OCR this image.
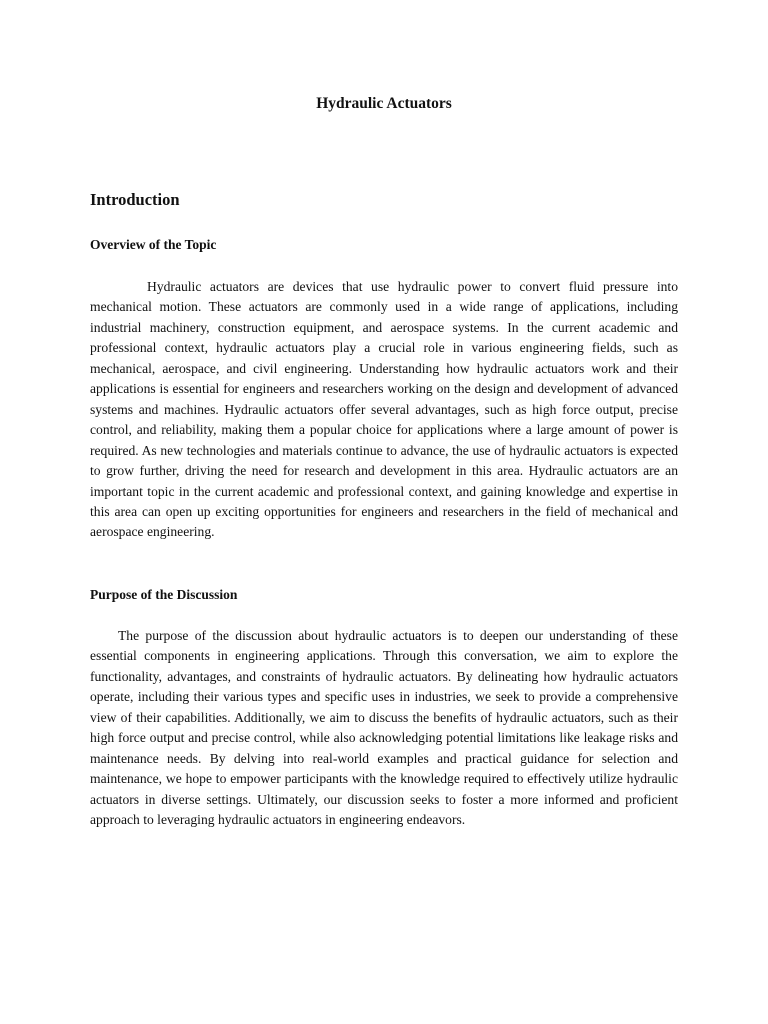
Hydraulic Actuators
Introduction
Overview of the Topic

Hydraulic actuators are devices that use hydraulic power to convert fluid pressure into mechanical motion. These actuators are commonly used in a wide range of applications, including industrial machinery, construction equipment, and aerospace systems. In the current academic and professional context, hydraulic actuators play a crucial role in various engineering fields, such as mechanical, aerospace, and civil engineering. Understanding how hydraulic actuators work and their applications is essential for engineers and researchers working on the design and development of advanced systems and machines. Hydraulic actuators offer several advantages, such as high force output, precise control, and reliability, making them a popular choice for applications where a large amount of power is required. As new technologies and materials continue to advance, the use of hydraulic actuators is expected to grow further, driving the need for research and development in this area. Hydraulic actuators are an important topic in the current academic and professional context, and gaining knowledge and expertise in this area can open up exciting opportunities for engineers and researchers in the field of mechanical and aerospace engineering.

Purpose of the Discussion

The purpose of the discussion about hydraulic actuators is to deepen our understanding of these essential components in engineering applications. Through this conversation, we aim to explore the functionality, advantages, and constraints of hydraulic actuators. By delineating how hydraulic actuators operate, including their various types and specific uses in industries, we seek to provide a comprehensive view of their capabilities. Additionally, we aim to discuss the benefits of hydraulic actuators, such as their high force output and precise control, while also acknowledging potential limitations like leakage risks and maintenance needs. By delving into real-world examples and practical guidance for selection and maintenance, we hope to empower participants with the knowledge required to effectively utilize hydraulic actuators in diverse settings. Ultimately, our discussion seeks to foster a more informed and proficient approach to leveraging hydraulic actuators in engineering endeavors.
